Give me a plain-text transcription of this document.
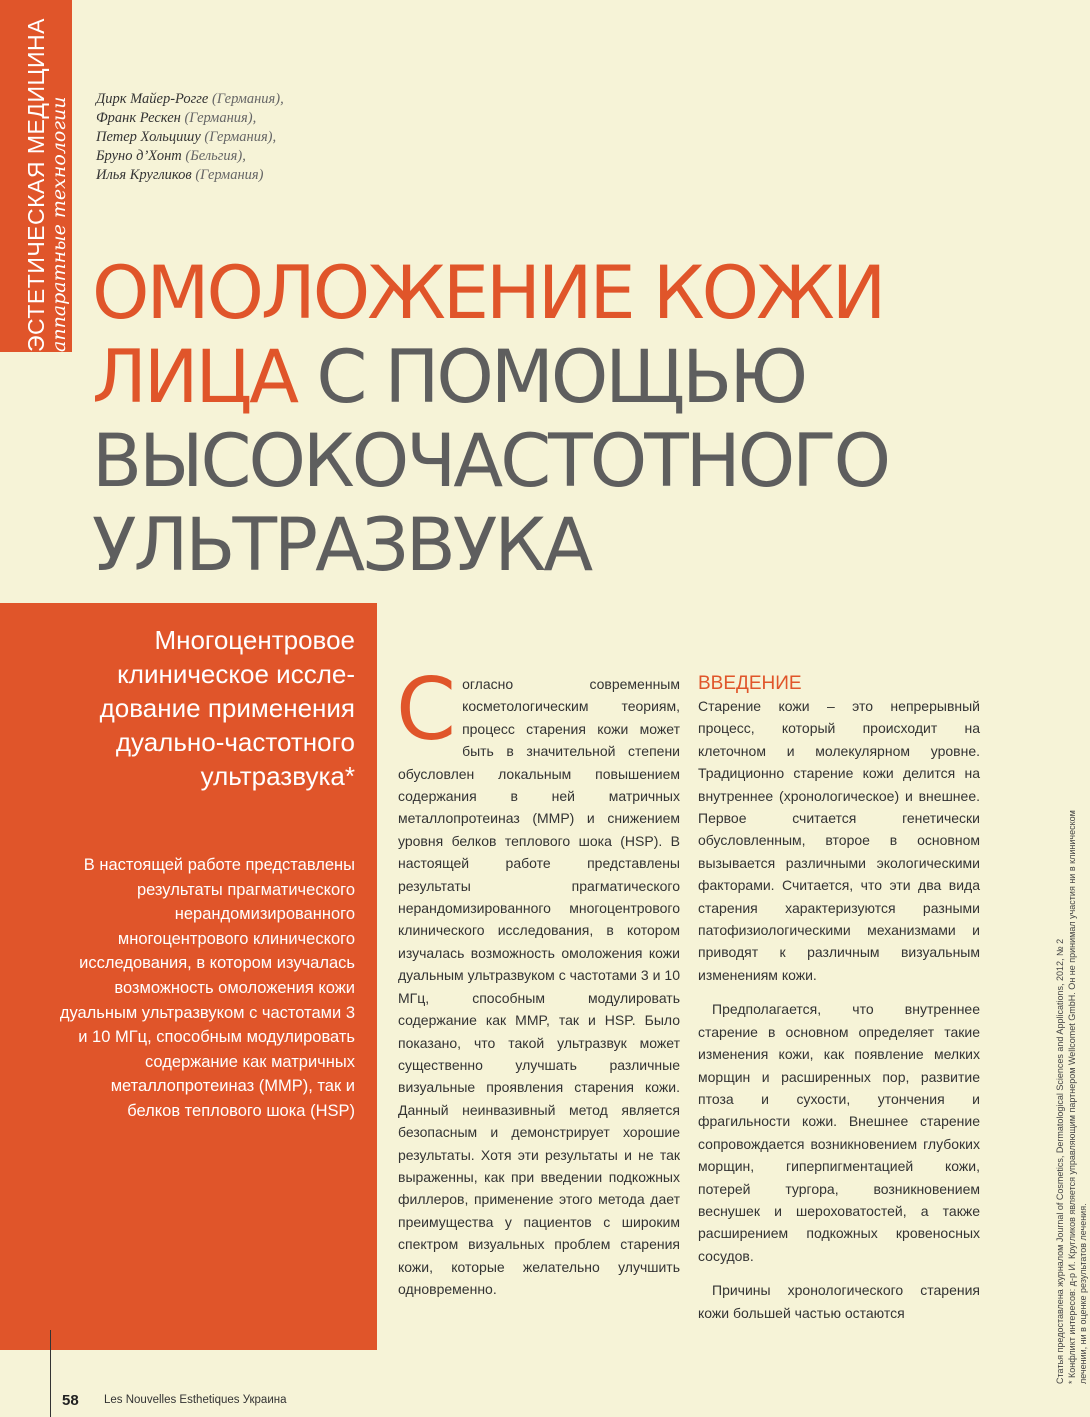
ЭСТЕТИЧЕСКАЯ МЕДИЦИНА аппаратные технологии Дирк Майер-Рогге (Германия),
Франк Рескен (Германия),
Петер Хольцишу (Германия),
Бруно д’Хонт (Бельгия),
Илья Кругликов (Германия)
ОМОЛОЖЕНИЕ КОЖИ
ЛИЦА С ПОМОЩЬЮ
ВЫСОКОЧАСТОТНОГО
УЛЬТРАЗВУКА
Многоцентровое клиническое иссле-дование применения дуально-частотного ультразвука*
В настоящей работе представлены результаты прагматического нерандомизированного многоцентрового клинического исследования, в котором изучалась возможность омоложения кожи дуальным ультразвуком с частотами 3 и 10 МГц, способным модулировать содержание как матричных металлопротеиназ (MMP), так и белков теплового шока (HSP)
Согласно современным косметологическим теориям, процесс старения кожи может быть в значительной степени обусловлен локальным повышением содержания в ней матричных металлопротеиназ (MMP) и снижением уровня белков теплового шока (HSP). В настоящей работе представлены результаты прагматического нерандомизированного многоцентрового клинического исследования, в котором изучалась возможность омоложения кожи дуальным ультразвуком с частотами 3 и 10 МГц, способным модулировать содержание как MMP, так и HSP. Было показано, что такой ультразвук может существенно улучшать различные визуальные проявления старения кожи. Данный неинвазивный метод является безопасным и демонстрирует хорошие результаты. Хотя эти результаты и не так выраженны, как при введении подкожных филлеров, применение этого метода дает преимущества у пациентов с широким спектром визуальных проблем старения кожи, которые желательно улучшить одновременно.
ВВЕДЕНИЕ

Старение кожи – это непрерывный процесс, который происходит на клеточном и молекулярном уровне. Традиционно старение кожи делится на внутреннее (хронологическое) и внешнее. Первое считается генетически обусловленным, второе в основном вызывается различными экологическими факторами. Считается, что эти два вида старения характеризуются разными патофизиологическими механизмами и приводят к различным визуальным изменениям кожи.

Предполагается, что внутреннее старение в основном определяет такие изменения кожи, как появление мелких морщин и расширенных пор, развитие птоза и сухости, утончения и фрагильности кожи. Внешнее старение сопровождается возникновением глубоких морщин, гиперпигментацией кожи, потерей тургора, возникновением веснушек и шероховатостей, а также расширением подкожных кровеносных сосудов.

Причины хронологического старения кожи большей частью остаются	Статья предоставлена журналом Journal of Cosmetics, Dermatological Sciences and Applications, 2012, № 2 * Конфликт интересов: д-р И. Кругликов является управляющим партнером Wellcomet GmbH. Он не принимал участия ни в клиническом лечении, ни в оценке результатов лечения.
58 Les Nouvelles Esthetiques Украина
